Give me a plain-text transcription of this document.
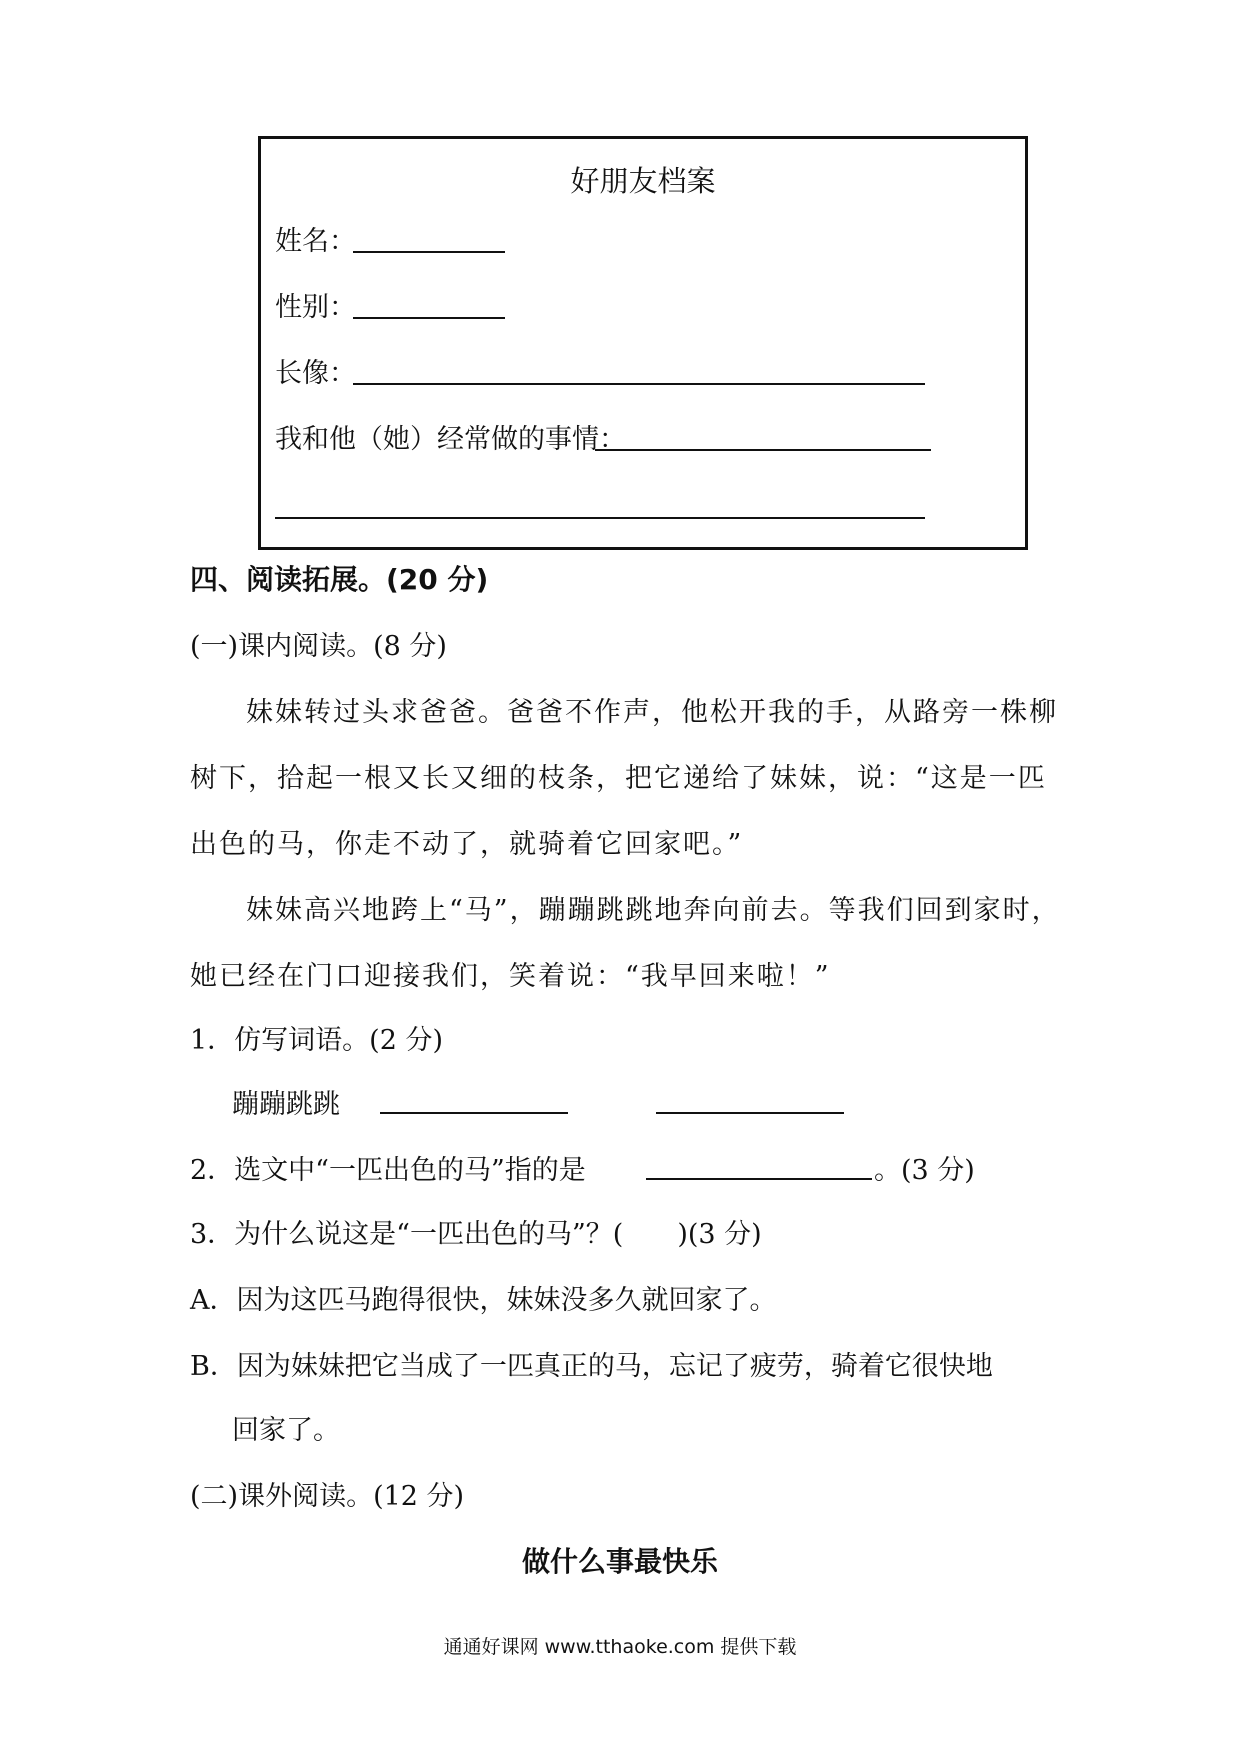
好朋友档案
姓名：
性别：
长像：
我和他（她）经常做的事情：
四、阅读拓展。(20 分)
(一)课内阅读。(8 分)
妹妹转过头求爸爸。爸爸不作声，他松开我的手，从路旁一株柳
树下，拾起一根又长又细的枝条，把它递给了妹妹，说：“这是一匹
出色的马，你走不动了，就骑着它回家吧。”
妹妹高兴地跨上“马”，蹦蹦跳跳地奔向前去。等我们回到家时，
她已经在门口迎接我们，笑着说：“我早回来啦！”
1．仿写词语。(2 分)
蹦蹦跳跳
2．选文中“一匹出色的马”指的是	。(3 分)
3．为什么说这是“一匹出色的马”？(　　)(3 分)
A．因为这匹马跑得很快，妹妹没多久就回家了。
B．因为妹妹把它当成了一匹真正的马，忘记了疲劳，骑着它很快地
回家了。
(二)课外阅读。(12 分)
做什么事最快乐
通通好课网 www.tthaoke.com 提供下载
